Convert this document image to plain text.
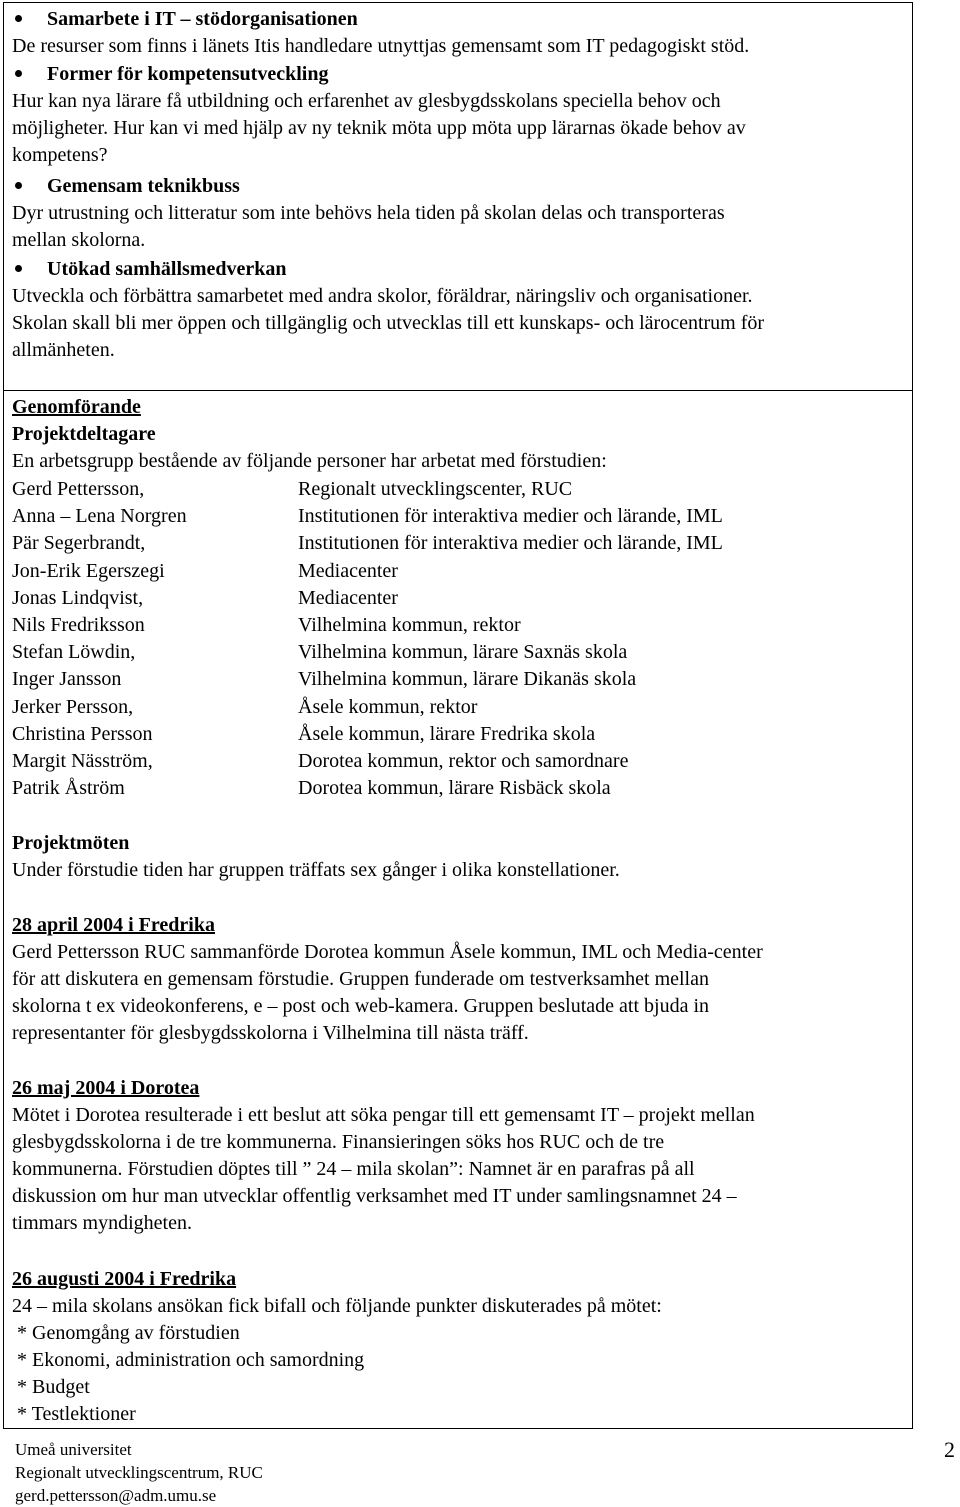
Samarbete i IT – stödorganisationen
De resurser som finns i länets Itis handledare utnyttjas gemensamt som IT pedagogiskt stöd.
Former för kompetensutveckling
Hur kan nya lärare få utbildning och erfarenhet av glesbygdsskolans speciella behov och
möjligheter. Hur kan vi med hjälp av ny teknik möta upp möta upp lärarnas ökade behov av
kompetens?
Gemensam teknikbuss
Dyr utrustning och litteratur som inte behövs hela tiden på skolan delas och transporteras
mellan skolorna.
Utökad samhällsmedverkan
Utveckla och förbättra samarbetet med andra skolor, föräldrar, näringsliv och organisationer.
Skolan skall bli mer öppen och tillgänglig och utvecklas till ett kunskaps- och lärocentrum för
allmänheten.
Genomförande
Projektdeltagare
En arbetsgrupp bestående av följande personer har arbetat med förstudien:
Gerd Pettersson,	Regionalt utvecklingscenter, RUC
Anna – Lena Norgren	Institutionen för interaktiva medier och lärande, IML
Pär Segerbrandt,	Institutionen för interaktiva medier och lärande, IML
Jon-Erik Egerszegi	Mediacenter
Jonas Lindqvist,	Mediacenter
Nils Fredriksson	Vilhelmina kommun, rektor
Stefan Löwdin,	Vilhelmina kommun, lärare Saxnäs skola
Inger Jansson	Vilhelmina kommun, lärare Dikanäs skola
Jerker Persson,	Åsele kommun, rektor
Christina Persson	Åsele kommun, lärare Fredrika skola
Margit Näsström,	Dorotea kommun, rektor och samordnare
Patrik Åström	Dorotea kommun, lärare Risbäck skola
Projektmöten
Under förstudie tiden har gruppen träffats sex gånger i olika konstellationer.
28 april 2004 i Fredrika
Gerd Pettersson RUC sammanförde Dorotea kommun Åsele kommun, IML och Media-center
för att diskutera en gemensam förstudie. Gruppen funderade om testverksamhet mellan
skolorna t ex videokonferens, e – post och web-kamera. Gruppen beslutade att bjuda in
representanter för glesbygdsskolorna i Vilhelmina till nästa träff.
26 maj 2004 i Dorotea
Mötet i Dorotea resulterade i ett beslut att söka pengar till ett gemensamt IT – projekt mellan
glesbygdsskolorna i de tre kommunerna. Finansieringen söks hos RUC och de tre
kommunerna. Förstudien döptes till ” 24 – mila skolan”: Namnet är en parafras på all
diskussion om hur man utvecklar offentlig verksamhet med IT under samlingsnamnet 24 –
timmars myndigheten.
26 augusti 2004 i Fredrika
24 – mila skolans ansökan fick bifall och följande punkter diskuterades på mötet:
* Genomgång av förstudien
* Ekonomi, administration och samordning
* Budget
* Testlektioner
Umeå universitet
Regionalt utvecklingscentrum, RUC
gerd.pettersson@adm.umu.se
2
